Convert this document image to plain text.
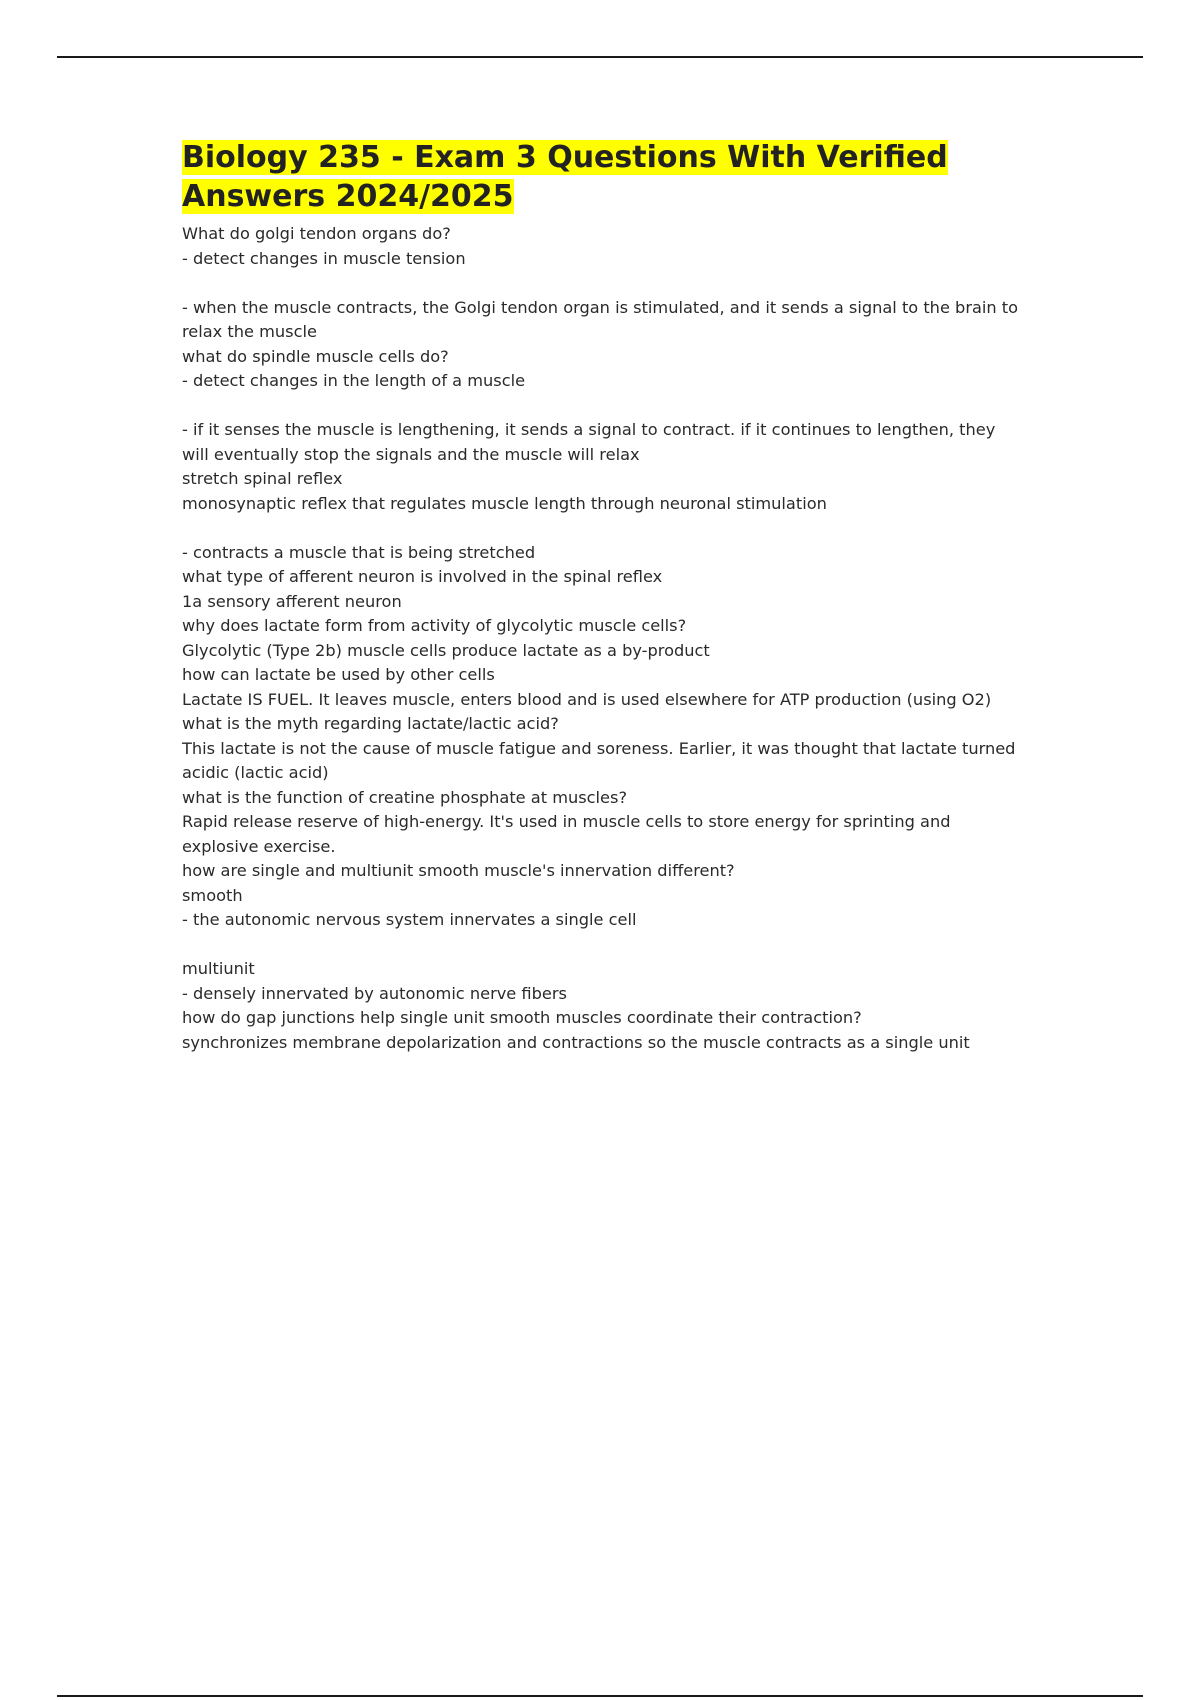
Biology 235 - Exam 3 Questions With Verified Answers 2024/2025

What do golgi tendon organs do?

- detect changes in muscle tension

- when the muscle contracts, the Golgi tendon organ is stimulated, and it sends a signal to the brain to relax the muscle

what do spindle muscle cells do?

- detect changes in the length of a muscle

- if it senses the muscle is lengthening, it sends a signal to contract. if it continues to lengthen, they will eventually stop the signals and the muscle will relax

stretch spinal reflex

monosynaptic reflex that regulates muscle length through neuronal stimulation

- contracts a muscle that is being stretched

what type of afferent neuron is involved in the spinal reflex

1a sensory afferent neuron

why does lactate form from activity of glycolytic muscle cells?

Glycolytic (Type 2b) muscle cells produce lactate as a by-product

how can lactate be used by other cells

Lactate IS FUEL. It leaves muscle, enters blood and is used elsewhere for ATP production (using O2)

what is the myth regarding lactate/lactic acid?

This lactate is not the cause of muscle fatigue and soreness. Earlier, it was thought that lactate turned acidic (lactic acid)

what is the function of creatine phosphate at muscles?

Rapid release reserve of high-energy. It's used in muscle cells to store energy for sprinting and explosive exercise.

how are single and multiunit smooth muscle's innervation different?

smooth

- the autonomic nervous system innervates a single cell

multiunit

- densely innervated by autonomic nerve fibers

how do gap junctions help single unit smooth muscles coordinate their contraction?

synchronizes membrane depolarization and contractions so the muscle contracts as a single unit
